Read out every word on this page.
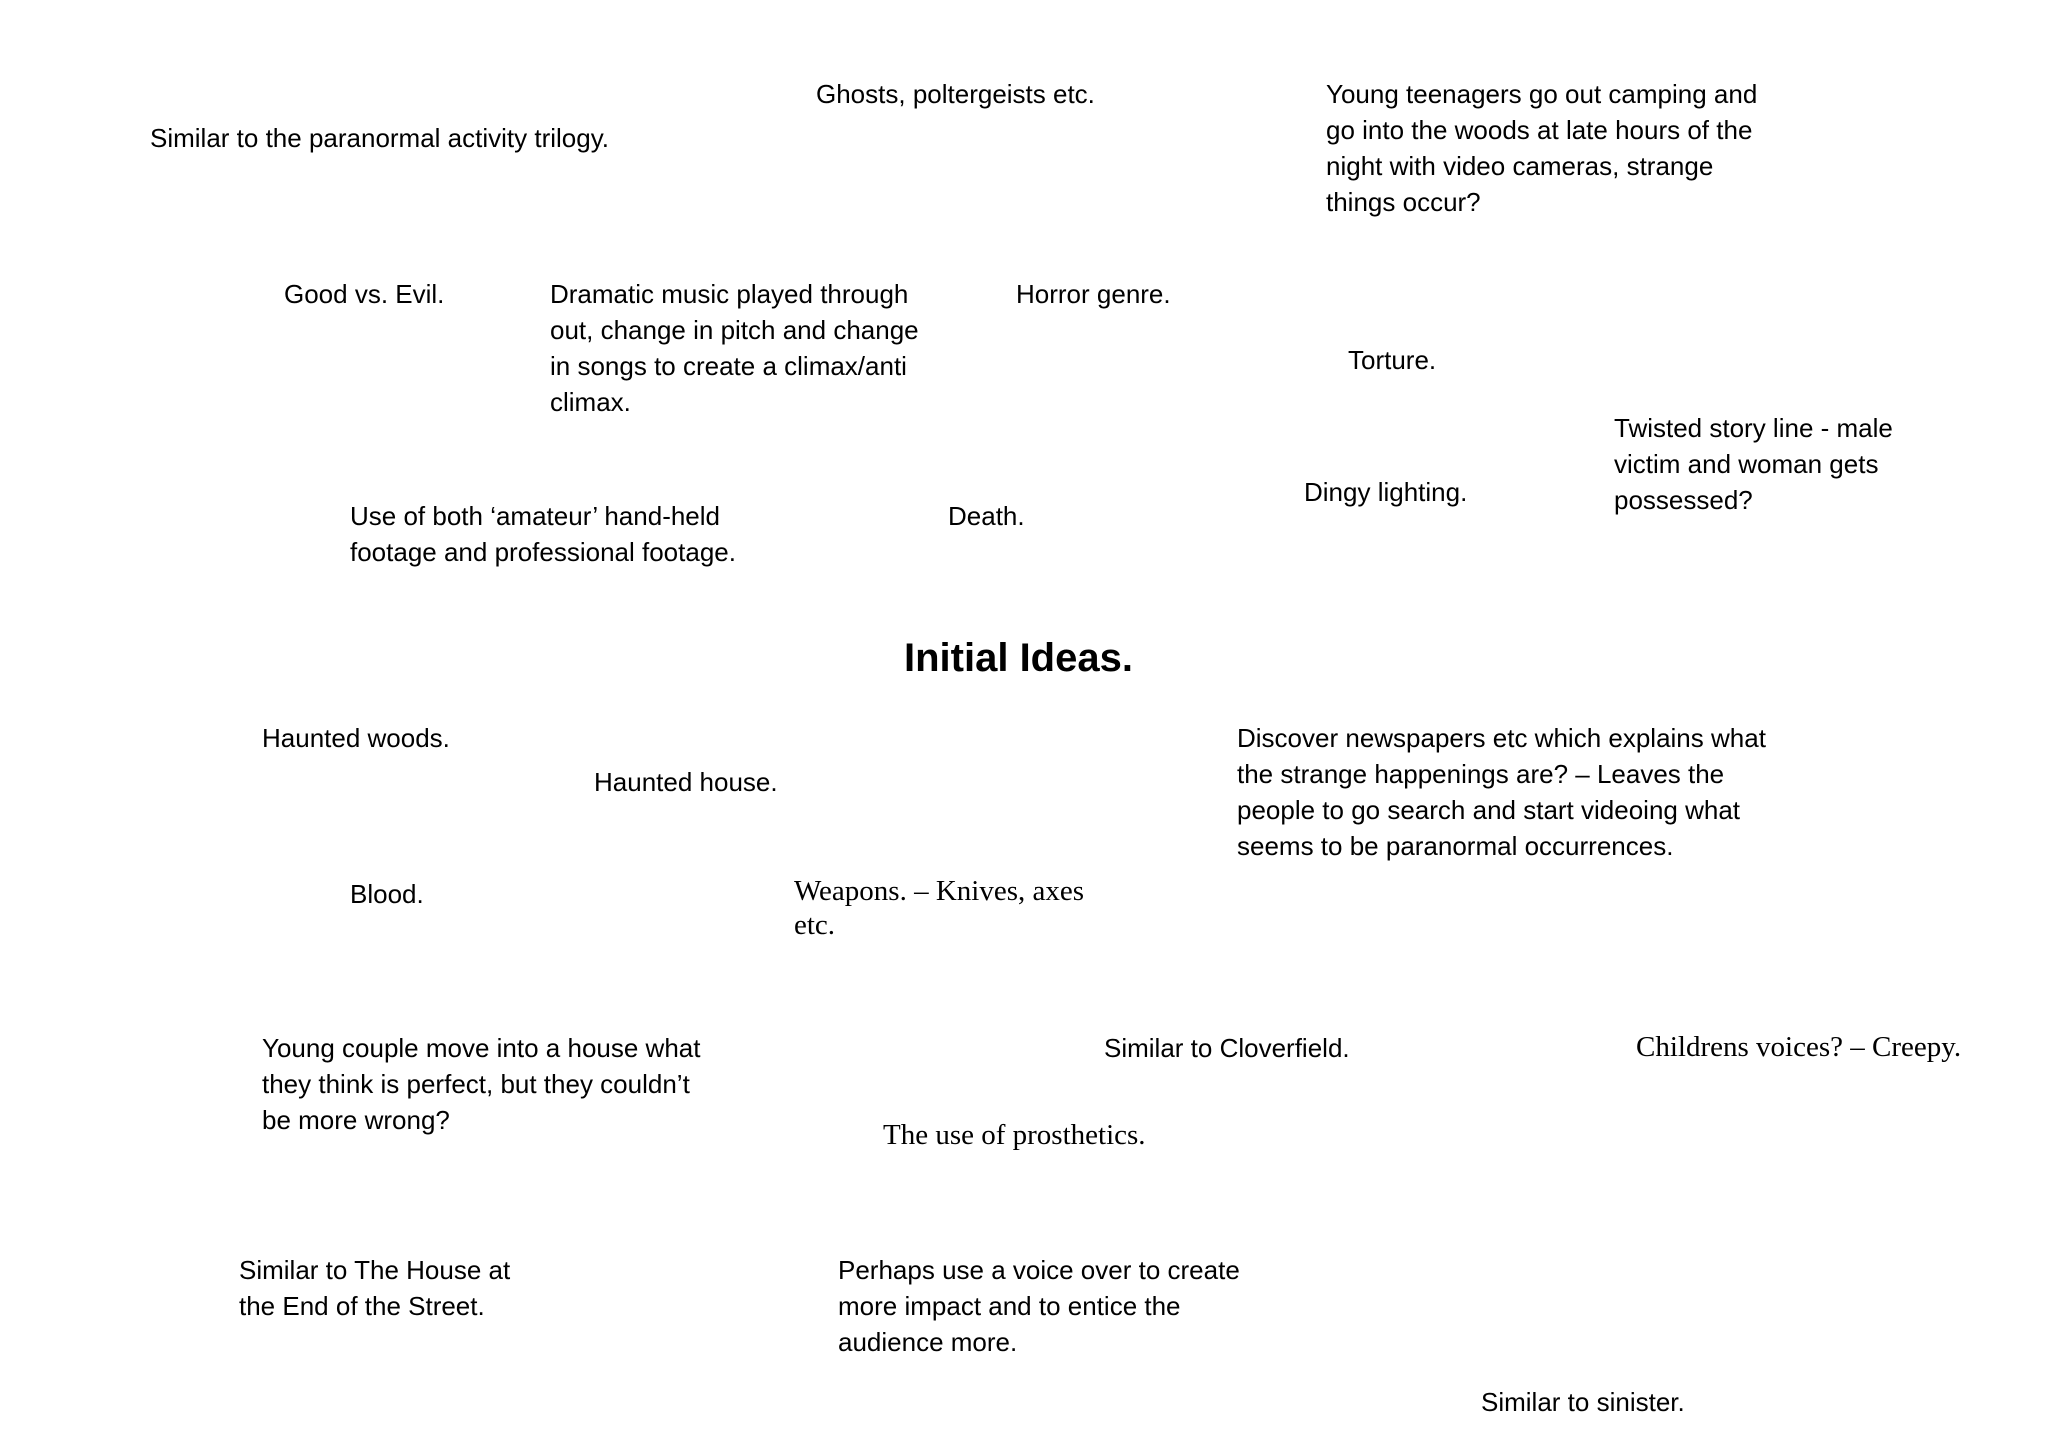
Ghosts, poltergeists etc.

Similar to the paranormal activity trilogy.

Young teenagers go out camping and
go into the woods at late hours of the
night with video cameras, strange
things occur?

Good vs. Evil.	Dramatic music played through
out, change in pitch and change
in songs to create a climax/anti
climax.

Horror genre.

Torture.

Twisted story line - male
victim and woman gets
possessed?

Dingy lighting.

Use of both ‘amateur’ hand-held
footage and professional footage.

Death.

Initial Ideas.

Haunted woods.	Discover newspapers etc which explains what
the strange happenings are? – Leaves the
people to go search and start videoing what
seems to be paranormal occurrences.

Haunted house.

Blood.	Weapons. – Knives, axes
etc.

Young couple move into a house what
they think is perfect, but they couldn’t
be more wrong?

Similar to Cloverfield.	Childrens voices? – Creepy.

The use of prosthetics.

Similar to The House at
the End of the Street.

Perhaps use a voice over to create
more impact and to entice the
audience more.

Similar to sinister.
